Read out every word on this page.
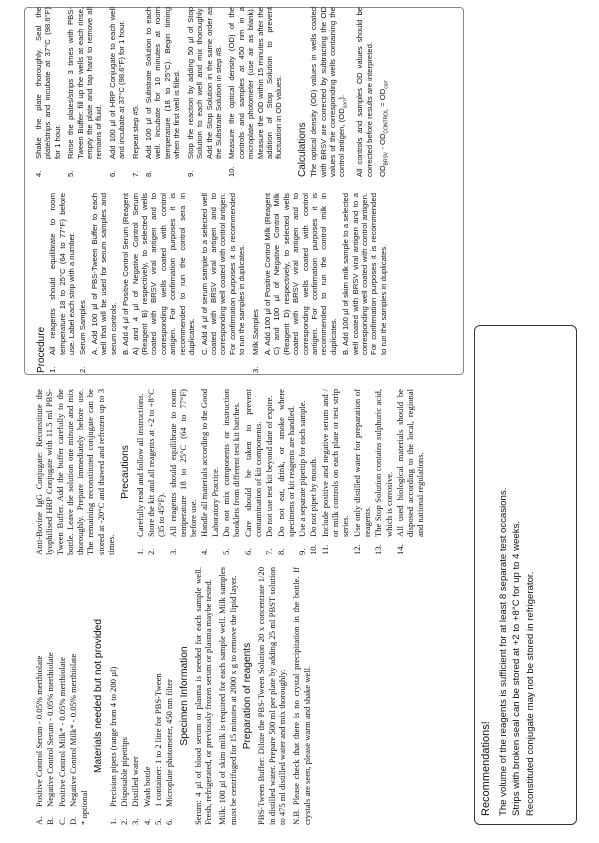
A.
Positive Control Serum - 0.05% merthiolate
B.
Negative Control Serum - 0.05% merthiolate
C.
Positive Control Milk* - 0.05% merthiolate
D.
Negative Control Milk* - 0.05% merthiolate

* optional

Materials needed but not provided
1.
Precision pipets (range from 4 to 200 µl)
2.
Disposable pipettips
3.
Distilled water
4.
Wash bottle
5.
1 container: 1 to 2 litre for PBS-Tween
6.
Microplate photometer, 450 nm filter Specimen Information Serum: 4 µl of blood serum or plasma is needed for each sample well. Fresh, refrigerated, or previously frozen serum or plasma maybe tested. Milk: 100 µl of skim milk is required for each sample well. Milk samples must be centrifuged for 15 minutes at 2000 x g to remove the lipid layer. Preparation of reagents PBS-Tween Buffer: Dilute the PBS-Tween Solution 20 x concentrate 1/20 in distilled water. Prepare 500 ml per plate by adding 25 ml PBST solution to 475 ml distilled water and mix thoroughly. N.B. Please check that there is no crystal precipitation in the bottle. If crystals are seen, please warm and shake well.

Anti-Bovine IgG Conjugate: Reconstitute the lyophilised HRP Conjugate with 11.5 ml PBS-Tween Buffer. Add the buffer carefully to the bottle. Leave the solution one minute and mix thoroughly. Prepare immediately before use. The remaining reconstituted conjugate can be stored at -20°C and thawed and refrozen up to 3 times.

Precautions
1.
Carefully read and follow all instructions.
2.
Store the kit and all reagents at +2 to +8°C (35 to 45°F).
3.
All reagents should equilibrate to room temperature 18 to 25°C (64 to 77°F) before use.
4.
Handle all materials according to the Good Laboratory Practice.
5.
Do not mix components or instruction booklets from different test kit batches.
6.
Care should be taken to prevent contamination of kit components.
7.
Do not use test kit beyond date of expire.
8.
Do not eat, drink, or smoke where specimens or kit reagents are handled.
9.
Use a separate pipettip for each sample.
10.
Do not pipet by mouth.
11.
Include positive and negative serum and / or milk controls on each plate or test strip series.
12.
Use only distilled water for preparation of reagents.
13.
The Stop Solution contains sulphuric acid, which is corrosive.
14.
All used biological materials should be disposed according to the local, regional and national regulations.
Recommendations! The volume of the reagents is sufficient for at least 8 separate test occasions. Strips with broken seal can be stored at +2 to +8°C for up to 4 weeks. Reconstituted conjugate may not be stored in refrigerator.

Procedure 1.
All reagents should equilibrate to room temperature 18 to 25°C (64 to 77°F) before use. Label each strip with a number.
2.
Serum Samples A. Add 100 µl of PBS-Tween Buffer to each well that will be used for serum samples and serum controls. B. Add 4 µl of Positive Control Serum (Reagent A) and 4 µl of Negative Control Serum (Reagent B) respectively, to selected wells coated with BRSV viral antigen and to corresponding wells coated with control antigen. For confirmation purposes it is recommended to run the control sera in duplicates. C. Add 4 µl of serum sample to a selected well coated with BRSV viral antigen and to corresponding well coated with control antigen. For confirmation purposes it is recommended to run the samples in duplicates.
3.
Milk Samples A. Add 100 µl of Positive Control Milk (Reagent C) and 100 µl of Negative Control Milk (Reagent D) respectively, to selected wells coated with BRSV viral antigen and to corresponding wells coated with control antigen. For confirmation purposes it is recommended to run the control milk in duplicates. B. Add 100 µl of skim milk sample to a selected well coated with BRSV viral antigen and to a corresponding well coated with control antigen. For confirmation purposes it is recommended to run the samples in duplicates.
4.
Shake the plate thoroughly. Seal the plate/strips and incubate at 37°C (98.6°F) for 1 hour.
5.
Rinse the plates/strips 3 times with PBS-Tween Buffer: fill up the wells at each rinse, empty the plate and tap hard to remove all remains of fluid.
6.
Add 100 µl of HRP Conjugate to each well and incubate at 37°C (98.6°F) for 1 hour.
7.
Repeat step #5.
8.
Add 100 µl of Substrate Solution to each well. Incubate for 10 minutes at room temperature (18 to 25°C). Begin timing when the first well is filled.
9.
Stop the reaction by adding 50 µl of Stop Solution to each well and mix thoroughly. Add the Stop Solution in the same order as the Substrate Solution in step #8.
10.
Measure the optical density (OD) of the controls and samples at 450 nm in a microplate photometer (use air as blank). Measure the OD within 15 minutes after the addition of Stop Solution to prevent fluctuation in OD values. Calculations The optical density (OD) values in wells coated with BRSV are corrected by subtracting the OD values of the corresponding wells containing the control antigen, $(OD_{corr})$.	All controls and samples OD values should be corrected before results are interpreted. $OD_{BRSV} - OD_{CONTROL} = OD_{corr}$
